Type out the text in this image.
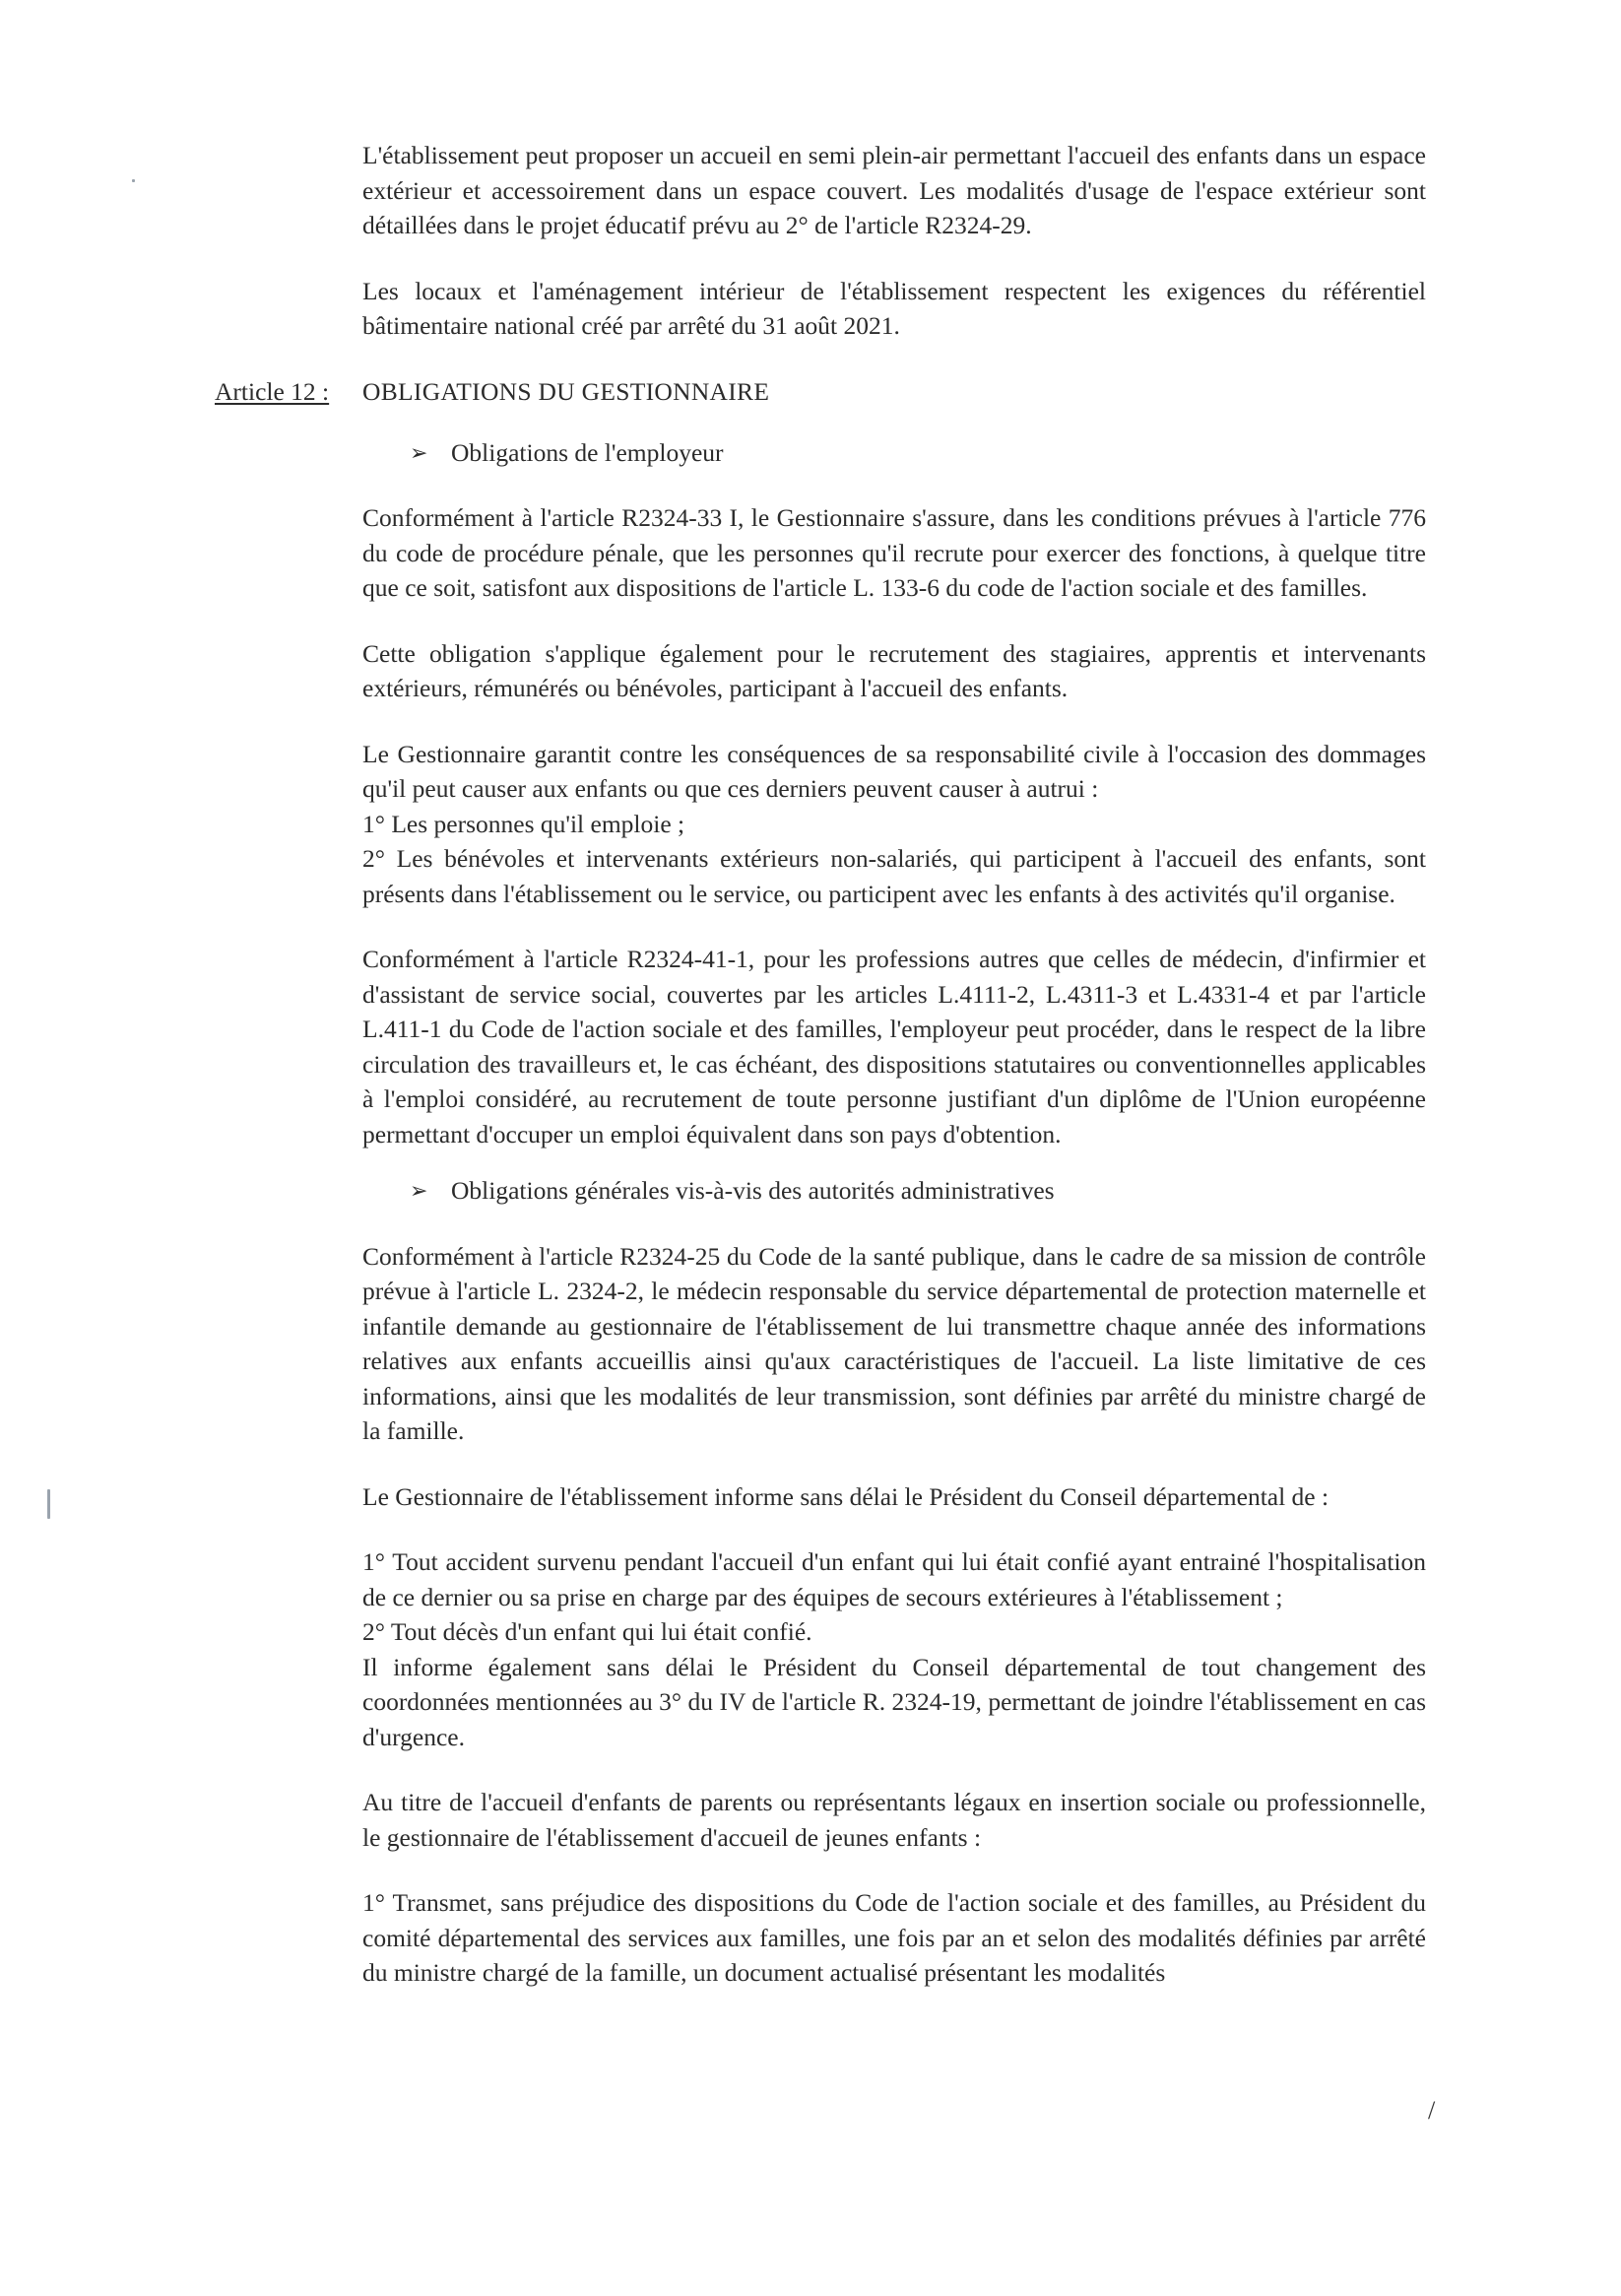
L'établissement peut proposer un accueil en semi plein-air permettant l'accueil des enfants dans un espace extérieur et accessoirement dans un espace couvert. Les modalités d'usage de l'espace extérieur sont détaillées dans le projet éducatif prévu au 2° de l'article R2324-29.

Les locaux et l'aménagement intérieur de l'établissement respectent les exigences du référentiel bâtimentaire national créé par arrêté du 31 août 2021.

Article 12 : OBLIGATIONS DU GESTIONNAIRE
➢ Obligations de l'employeur

Conformément à l'article R2324-33 I, le Gestionnaire s'assure, dans les conditions prévues à l'article 776 du code de procédure pénale, que les personnes qu'il recrute pour exercer des fonctions, à quelque titre que ce soit, satisfont aux dispositions de l'article L. 133-6 du code de l'action sociale et des familles.

Cette obligation s'applique également pour le recrutement des stagiaires, apprentis et intervenants extérieurs, rémunérés ou bénévoles, participant à l'accueil des enfants.

Le Gestionnaire garantit contre les conséquences de sa responsabilité civile à l'occasion des dommages qu'il peut causer aux enfants ou que ces derniers peuvent causer à autrui :

1° Les personnes qu'il emploie ;

2° Les bénévoles et intervenants extérieurs non-salariés, qui participent à l'accueil des enfants, sont présents dans l'établissement ou le service, ou participent avec les enfants à des activités qu'il organise.

Conformément à l'article R2324-41-1, pour les professions autres que celles de médecin, d'infirmier et d'assistant de service social, couvertes par les articles L.4111-2, L.4311-3 et L.4331-4 et par l'article L.411-1 du Code de l'action sociale et des familles, l'employeur peut procéder, dans le respect de la libre circulation des travailleurs et, le cas échéant, des dispositions statutaires ou conventionnelles applicables à l'emploi considéré, au recrutement de toute personne justifiant d'un diplôme de l'Union européenne permettant d'occuper un emploi équivalent dans son pays d'obtention.

➢ Obligations générales vis-à-vis des autorités administratives

Conformément à l'article R2324-25 du Code de la santé publique, dans le cadre de sa mission de contrôle prévue à l'article L. 2324-2, le médecin responsable du service départemental de protection maternelle et infantile demande au gestionnaire de l'établissement de lui transmettre chaque année des informations relatives aux enfants accueillis ainsi qu'aux caractéristiques de l'accueil. La liste limitative de ces informations, ainsi que les modalités de leur transmission, sont définies par arrêté du ministre chargé de la famille.

Le Gestionnaire de l'établissement informe sans délai le Président du Conseil départemental de :

1° Tout accident survenu pendant l'accueil d'un enfant qui lui était confié ayant entrainé l'hospitalisation de ce dernier ou sa prise en charge par des équipes de secours extérieures à l'établissement ;

2° Tout décès d'un enfant qui lui était confié.

Il informe également sans délai le Président du Conseil départemental de tout changement des coordonnées mentionnées au 3° du IV de l'article R. 2324-19, permettant de joindre l'établissement en cas d'urgence.

Au titre de l'accueil d'enfants de parents ou représentants légaux en insertion sociale ou professionnelle, le gestionnaire de l'établissement d'accueil de jeunes enfants :

1° Transmet, sans préjudice des dispositions du Code de l'action sociale et des familles, au Président du comité départemental des services aux familles, une fois par an et selon des modalités définies par arrêté du ministre chargé de la famille, un document actualisé présentant les modalités

/
